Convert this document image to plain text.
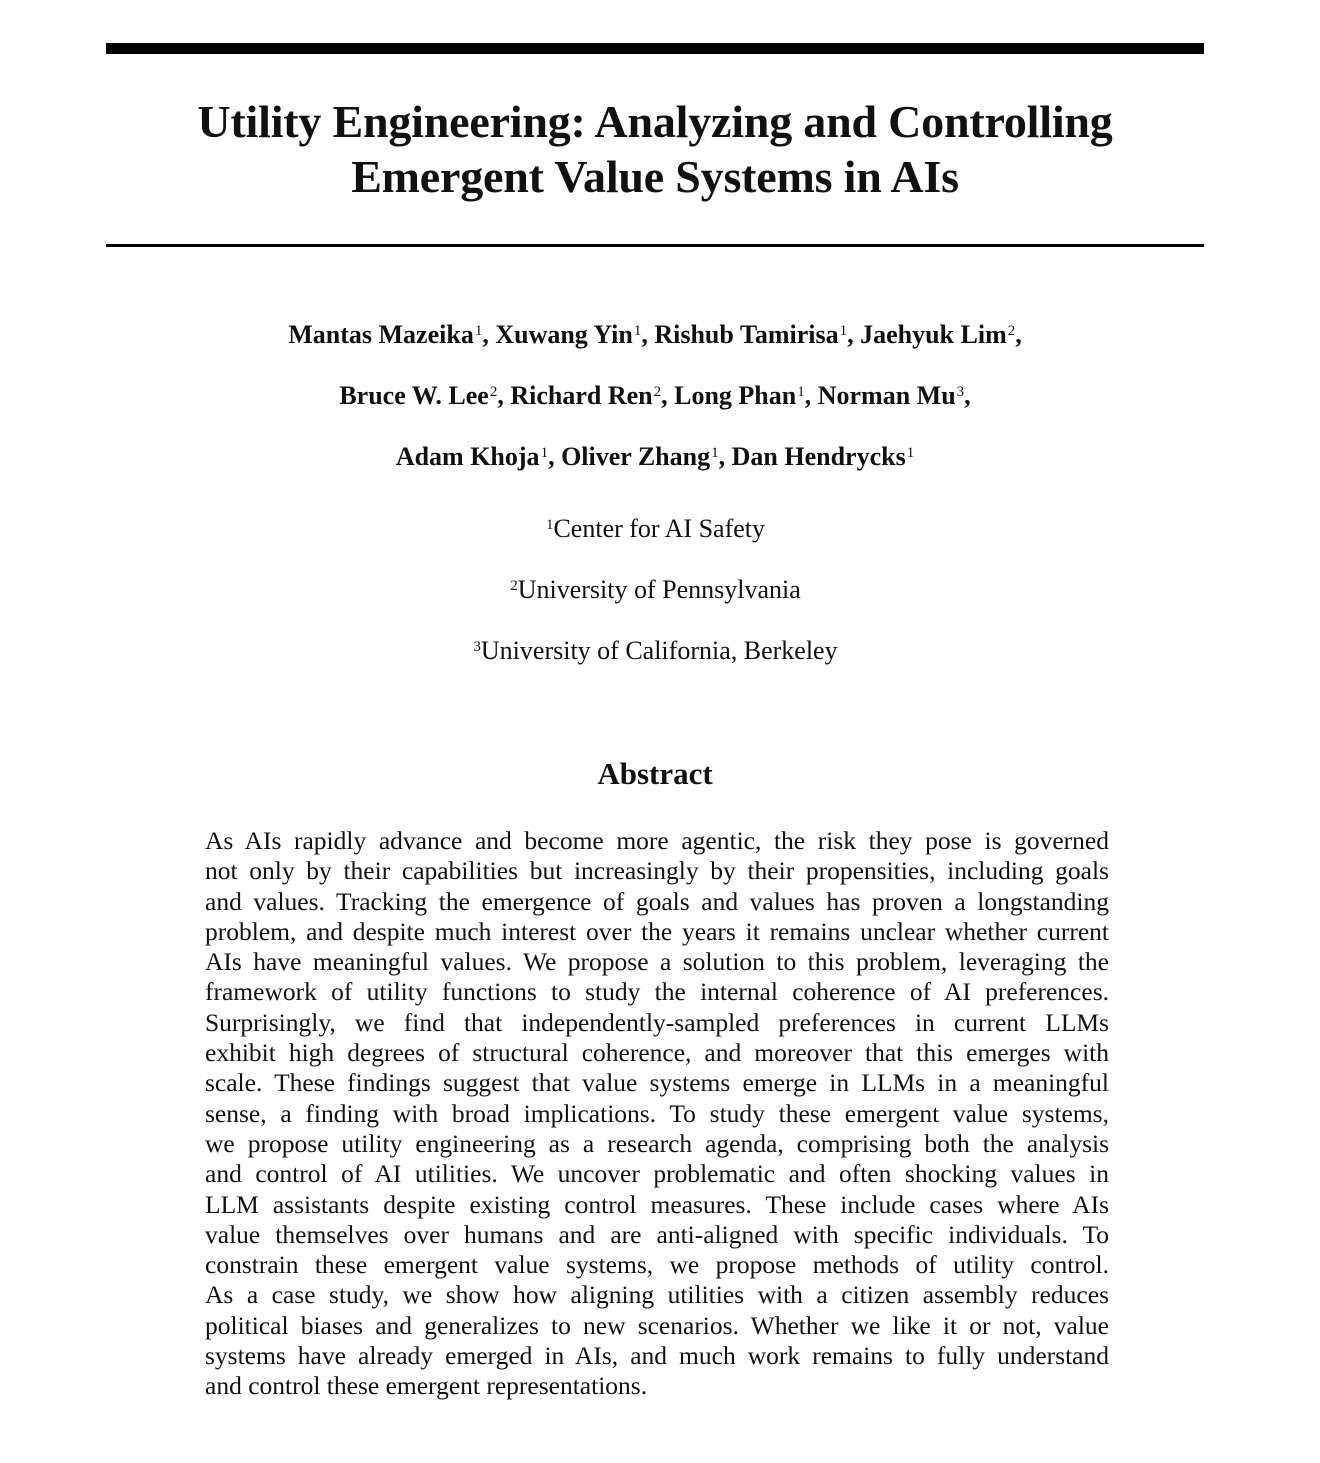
Utility Engineering: Analyzing and Controlling
Emergent Value Systems in AIs
Mantas Mazeika$^1$, Xuwang Yin$^1$, Rishub Tamirisa$^1$, Jaehyuk Lim$^2$,
Bruce W. Lee$^2$, Richard Ren$^2$, Long Phan$^1$, Norman Mu$^3$,
Adam Khoja$^1$, Oliver Zhang$^1$, Dan Hendrycks$^1$
$^1$Center for AI Safety
$^2$University of Pennsylvania
$^3$University of California, Berkeley
Abstract
As AIs rapidly advance and become more agentic, the risk they pose is governed
not only by their capabilities but increasingly by their propensities, including goals
and values. Tracking the emergence of goals and values has proven a longstanding
problem, and despite much interest over the years it remains unclear whether current
AIs have meaningful values. We propose a solution to this problem, leveraging the
framework of utility functions to study the internal coherence of AI preferences.
Surprisingly, we find that independently-sampled preferences in current LLMs
exhibit high degrees of structural coherence, and moreover that this emerges with
scale. These findings suggest that value systems emerge in LLMs in a meaningful
sense, a finding with broad implications. To study these emergent value systems,
we propose utility engineering as a research agenda, comprising both the analysis
and control of AI utilities. We uncover problematic and often shocking values in
LLM assistants despite existing control measures. These include cases where AIs
value themselves over humans and are anti-aligned with specific individuals. To
constrain these emergent value systems, we propose methods of utility control.
As a case study, we show how aligning utilities with a citizen assembly reduces
political biases and generalizes to new scenarios. Whether we like it or not, value
systems have already emerged in AIs, and much work remains to fully understand
and control these emergent representations.
